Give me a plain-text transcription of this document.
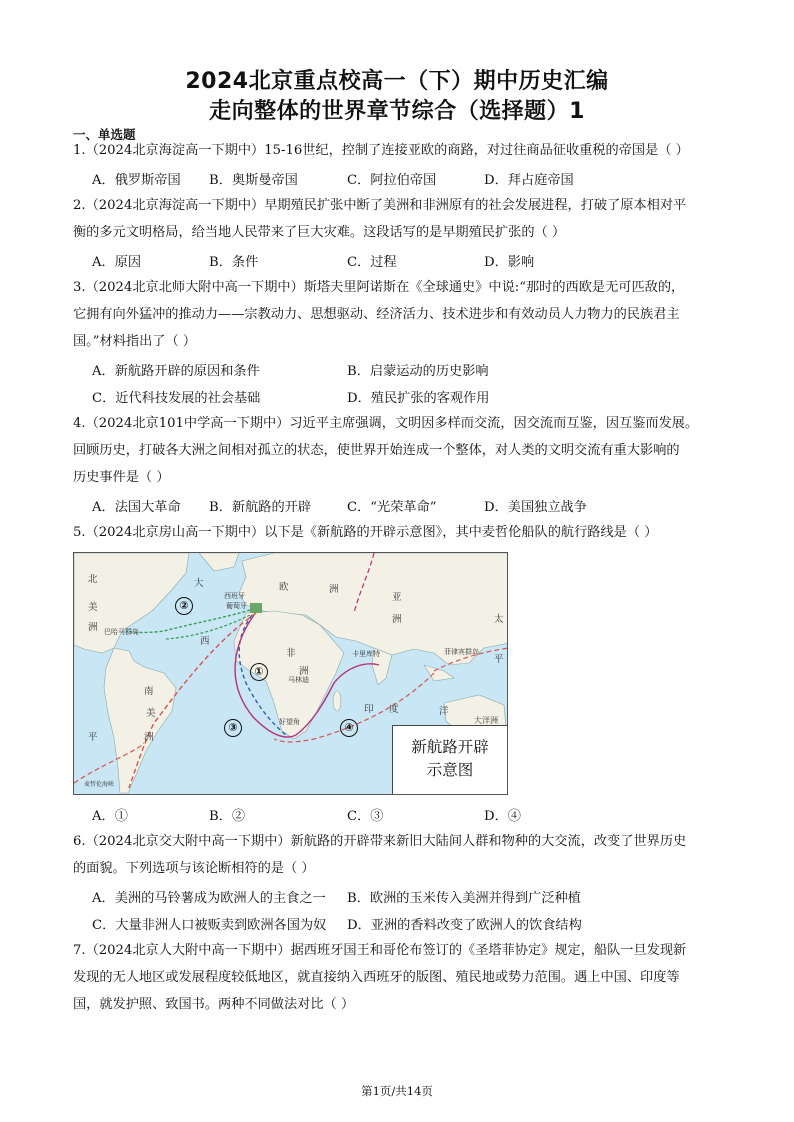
2024北京重点校高一（下）期中历史汇编
走向整体的世界章节综合（选择题）1
一、单选题
1.（2024北京海淀高一下期中）15-16世纪，控制了连接亚欧的商路，对过往商品征收重税的帝国是（ ）
A．俄罗斯帝国 B．奥斯曼帝国	C．阿拉伯帝国	D．拜占庭帝国
2.（2024北京海淀高一下期中）早期殖民扩张中断了美洲和非洲原有的社会发展进程，打破了原本相对平
衡的多元文明格局，给当地人民带来了巨大灾难。这段话写的是早期殖民扩张的（ ）
A．原因	B．条件	C．过程	D．影响
3.（2024北京北师大附中高一下期中）斯塔夫里阿诺斯在《全球通史》中说:“那时的西欧是无可匹敌的，
它拥有向外猛冲的推动力——宗教动力、思想驱动、经济活力、技术进步和有效动员人力物力的民族君主
国。”材料指出了（ ）
A．新航路开辟的原因和条件	B．启蒙运动的历史影响
C．近代科技发展的社会基础	D．殖民扩张的客观作用
4.（2024北京101中学高一下期中）习近平主席强调，文明因多样而交流，因交流而互鉴，因互鉴而发展。
回顾历史，打破各大洲之间相对孤立的状态，使世界开始连成一个整体，对人类的文明交流有重大影响的
历史事件是（ ）
A．法国大革命 B．新航路的开辟	C．“光荣革命”	D．美国独立战争
5.（2024北京房山高一下期中）以下是《新航路的开辟示意图》，其中麦哲伦船队的航行路线是（ ）
北	大	欧	洲
美
洲
亚
洲
西
非
洲
南
美
洲
平
印 度	洋
太
平
西班牙
葡萄牙
巴哈马群岛
卡里库特	菲律宾群岛
马林迪
好望角
麦哲伦海峡
大洋洲
①
②
③	④
新航路开辟
示意图
A．①	B．②	C．③	D．④
6.（2024北京交大附中高一下期中）新航路的开辟带来新旧大陆间人群和物种的大交流，改变了世界历史
的面貌。下列选项与该论断相符的是（ ）
A．美洲的马铃薯成为欧洲人的主食之一 B．欧洲的玉米传入美洲并得到广泛种植
C．大量非洲人口被贩卖到欧洲各国为奴 D．亚洲的香料改变了欧洲人的饮食结构
7.（2024北京人大附中高一下期中）据西班牙国王和哥伦布签订的《圣塔菲协定》规定，船队一旦发现新
发现的无人地区或发展程度较低地区，就直接纳入西班牙的版图、殖民地或势力范围。遇上中国、印度等
国，就发护照、致国书。两种不同做法对比（ ）
第1页/共14页
